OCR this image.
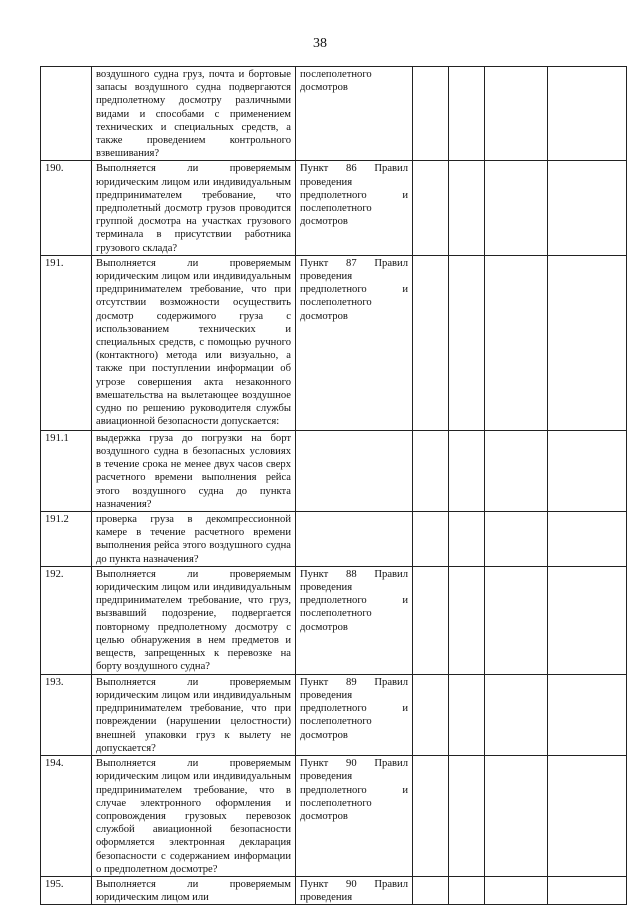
38

	воздушного судна груз, почта и бортовые запасы воздушного судна подвергаются предполетному досмотру различными видами и способами с применением технических и специальных средств, а также проведением контрольного взвешивания?	послеполетного досмотров				

190.	Выполняется ли проверяемым юридическим лицом или индивидуальным предпринимателем требование, что предполетный досмотр грузов проводится группой досмотра на участках грузового терминала в присутствии работника грузового склада?	Пункт 86 Правил проведения предполетного и послеполетного досмотров				

191.	Выполняется ли проверяемым юридическим лицом или индивидуальным предпринимателем требование, что при отсутствии возможности осуществить досмотр содержимого груза с использованием технических и специальных средств, с помощью ручного (контактного) метода или визуально, а также при поступлении информации об угрозе совершения акта незаконного вмешательства на вылетающее воздушное судно по решению руководителя службы авиационной безопасности допускается:	Пункт 87 Правил проведения предполетного и послеполетного досмотров				

191.1	выдержка груза до погрузки на борт воздушного судна в безопасных условиях в течение срока не менее двух часов сверх расчетного времени выполнения рейса этого воздушного судна до пункта назначения?					

191.2	проверка груза в декомпрессионной камере в течение расчетного времени выполнения рейса этого воздушного судна до пункта назначения?					

192.	Выполняется ли проверяемым юридическим лицом или индивидуальным предпринимателем требование, что груз, вызвавший подозрение, подвергается повторному предполетному досмотру с целью обнаружения в нем предметов и веществ, запрещенных к перевозке на борту воздушного судна?	Пункт 88 Правил проведения предполетного и послеполетного досмотров				

193.	Выполняется ли проверяемым юридическим лицом или индивидуальным предпринимателем требование, что при повреждении (нарушении целостности) внешней упаковки груз к вылету не допускается?	Пункт 89 Правил проведения предполетного и послеполетного досмотров				

194.	Выполняется ли проверяемым юридическим лицом или индивидуальным предпринимателем требование, что в случае электронного оформления и сопровождения грузовых перевозок службой авиационной безопасности оформляется электронная декларация безопасности с содержанием информации о предполетном досмотре?	Пункт 90 Правил проведения предполетного и послеполетного досмотров				

195.	Выполняется ли проверяемым юридическим лицом или	Пункт 90 Правил проведения				
